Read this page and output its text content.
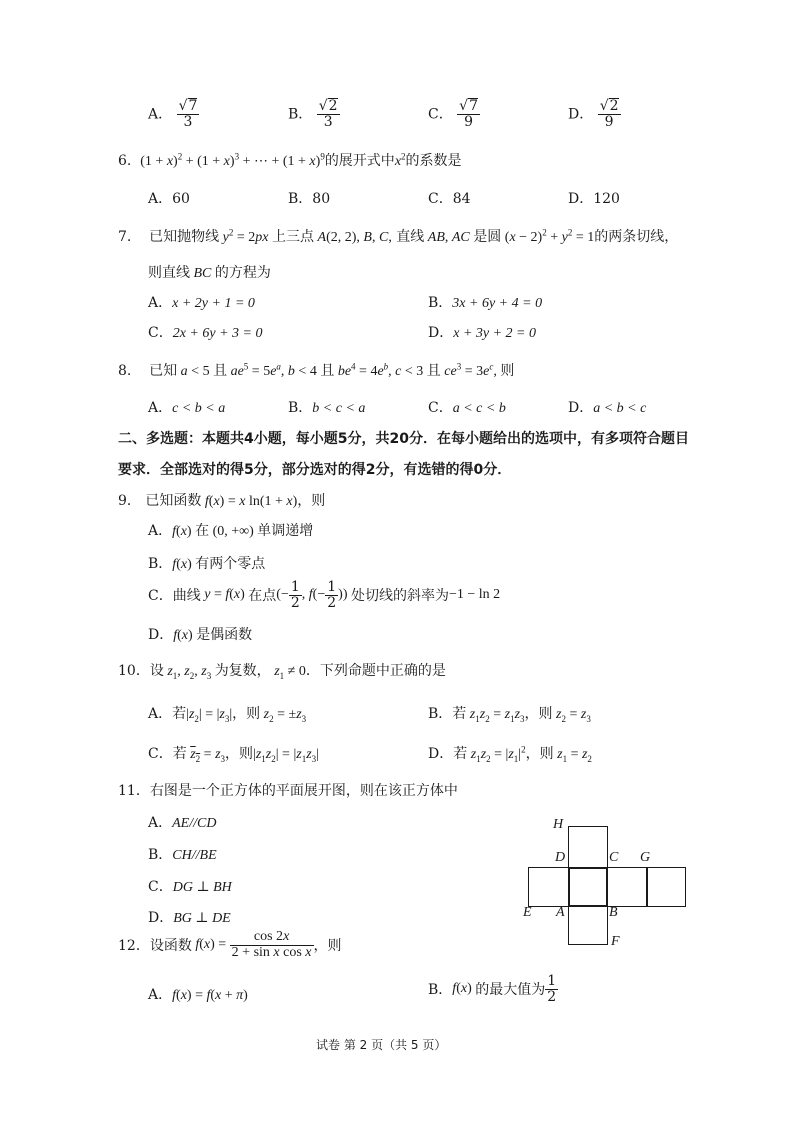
A． $\frac{√7}{3}$	B． $\frac{√2}{3}$	C． $\frac{√7}{9}$	D． $\frac{√2}{9}$
6. $(1 + x)^2 + (1 + x)^3$ + ⋯ + $(1 + x)^9$的展开式中$x^2$的系数是
A．60	B．80	C．84	D．120
7. 已知抛物线 $y^2 = 2px$ 上三点 A(2, 2), B, C, 直线 AB, AC 是圆 $(x - 2)^2 + y^2 = 1$的两条切线，
则直线 BC 的方程为
A．x + 2y + 1 = 0	B．3x + 6y + 4 = 0
C．2x + 6y + 3 = 0	D．x + 3y + 2 = 0
8. 已知 a < 5 且 $ae^5 = 5e^a$, b < 4 且 $be^4 = 4e^b$, c < 3 且 $ce^3 = 3e^c$, 则
A．c < b < a	B．b < c < a	C．a < c < b	D．a < b < c
二、多选题：本题共4小题，每小题5分，共20分．在每小题给出的选项中，有多项符合题目
要求．全部选对的得5分，部分选对的得2分，有选错的得0分．
9． 已知函数 f(x) = x ln(1 + x)，则
A．f(x) 在 (0, +∞) 单调递增
B．f(x) 有两个零点
C．曲线 y = f(x) 在点(− $\frac{1}{2}$ , $f(- \frac{1}{2}$ )) 处切线的斜率为−1 − ln 2
D．f(x) 是偶函数
10．设 $z_1$, $z_2$, $z_3$ 为复数， $z_1 \ne 0$．下列命题中正确的是
A．若$|z_2| = |z_3|$，则 $z_2 = \pm z_3$	B．若 $z_1z_2 = z_1z_3$，则 $z_2 = z_3$
C．若 $z_2 = z_3$，则$|z_1z_2| = |z_1z_3|$	D．若 $z_1z_2 = |z_1|^2$，则 $z_1 = z_2$
11．右图是一个正方体的平面展开图，则在该正方体中
A．AE//CD
B．CH//BE
C．DG ⊥ BH
D．BG ⊥ DE
H
D	C G
E A	B
F
12．设函数 $f(x) = \frac{\cos 2x}{\text{2 + sin x cos x}}$ ，则
A．f(x) = f(x + π)	B．f(x) 的最大值为 $\frac{1}{2}$
试卷 第 2 页（共 5 页）
